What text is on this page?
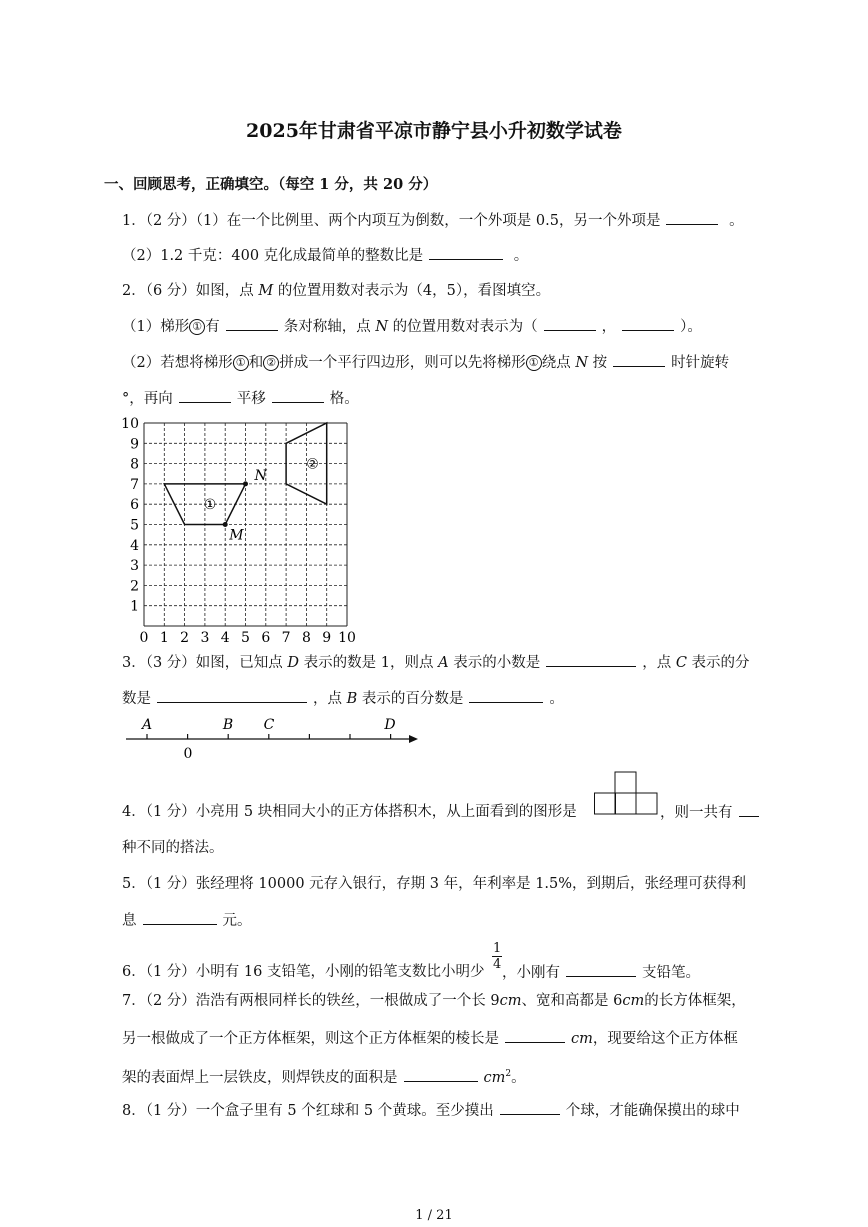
2025年甘肃省平凉市静宁县小升初数学试卷
一、回顾思考，正确填空。（每空 1 分，共 20 分）
1．（2 分）（1）在一个比例里、两个内项互为倒数，一个外项是 0.5，另一个外项是	。
（2）1.2 千克：400 克化成最简单的整数比是	。
2．（6 分）如图，点 M 的位置用数对表示为（4，5），看图填空。
（1）梯形 ① 有	条对称轴，点 N 的位置用数对表示为（	，	）。
（2）若想将梯形 ① 和 ② 拼成一个平行四边形，则可以先将梯形 ① 绕点 N 按	时针旋转
°，再向	平移	格。
10
9
8
7
6
5
4
3
2
1
0 1 2 3 4 5 6 7 8 9 10
N
M
①
②
3．（3 分）如图，已知点 D 表示的数是 1，则点 A 表示的小数是	，点 C 表示的分
数是	，点 B 表示的百分数是	。
A	B C	D
0
4．（1 分）小亮用 5 块相同大小的正方体搭积木，从上面看到的图形是	，则一共有
种不同的搭法。
5．（1 分）张经理将 10000 元存入银行，存期 3 年，年利率是 1.5%，到期后，张经理可获得利
息	元。
6．（1 分）小明有 16 支铅笔，小刚的铅笔支数比小明少 $\frac{1}{4}$
，小刚有	支铅笔。
7．（2 分）浩浩有两根同样长的铁丝，一根做成了一个长 9cm、宽和高都是 6cm的长方体框架，
另一根做成了一个正方体框架，则这个正方体框架的棱长是	cm，现要给这个正方体框
架的表面焊上一层铁皮，则焊铁皮的面积是	$cm^2$。
8．（1 分）一个盒子里有 5 个红球和 5 个黄球。至少摸出	个球，才能确保摸出的球中
1 / 21
